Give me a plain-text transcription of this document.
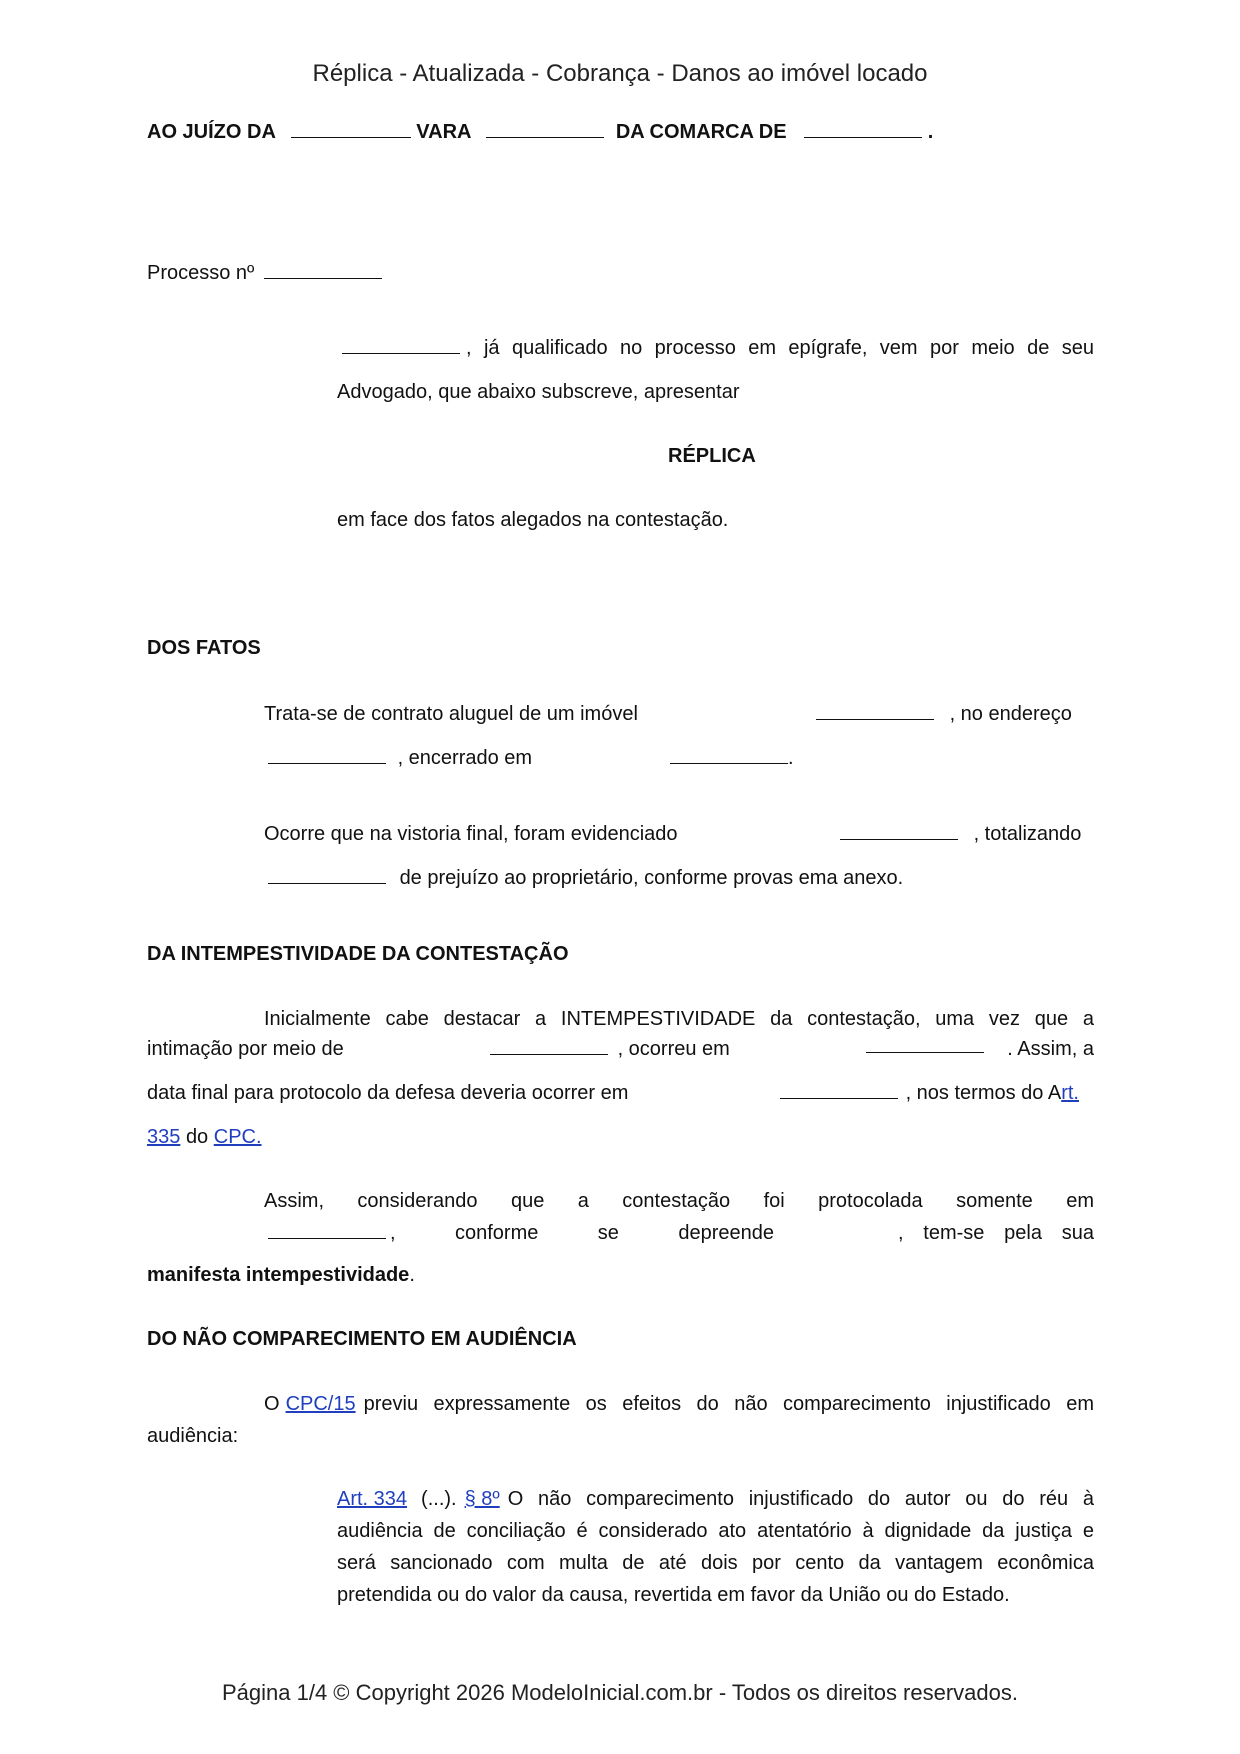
Réplica - Atualizada - Cobrança - Danos ao imóvel locado
AO JUÍZO DA	VARA	DA COMARCA DE	.
Processo nº
, já qualificado no processo em epígrafe, vem por meio de seu
Advogado, que abaixo subscreve, apresentar
RÉPLICA
em face dos fatos alegados na contestação.
DOS FATOS
Trata-se de contrato aluguel de um imóvel	, no endereço
, encerrado em	.
Ocorre que na vistoria final, foram evidenciado	, totalizando
de prejuízo ao proprietário, conforme provas ema anexo.
DA INTEMPESTIVIDADE DA CONTESTAÇÃO
Inicialmente cabe destacar a INTEMPESTIVIDADE da contestação, uma vez que a
intimação por meio de	, ocorreu em	. Assim, a
data final para protocolo da defesa deveria ocorrer em	, nos termos do Art.
335 do CPC.
Assim, considerando que a contestação foi protocolada somente em
, conforme se depreende	, tem-se pela sua
manifesta intempestividade.
DO NÃO COMPARECIMENTO EM AUDIÊNCIA
O CPC/15 previu expressamente os efeitos do não comparecimento injustificado em
audiência:
Art. 334 (...). § 8º O não comparecimento injustificado do autor ou do réu à
audiência de conciliação é considerado ato atentatório à dignidade da justiça e
será sancionado com multa de até dois por cento da vantagem econômica
pretendida ou do valor da causa, revertida em favor da União ou do Estado.
Página 1/4 © Copyright 2026 ModeloInicial.com.br - Todos os direitos reservados.
